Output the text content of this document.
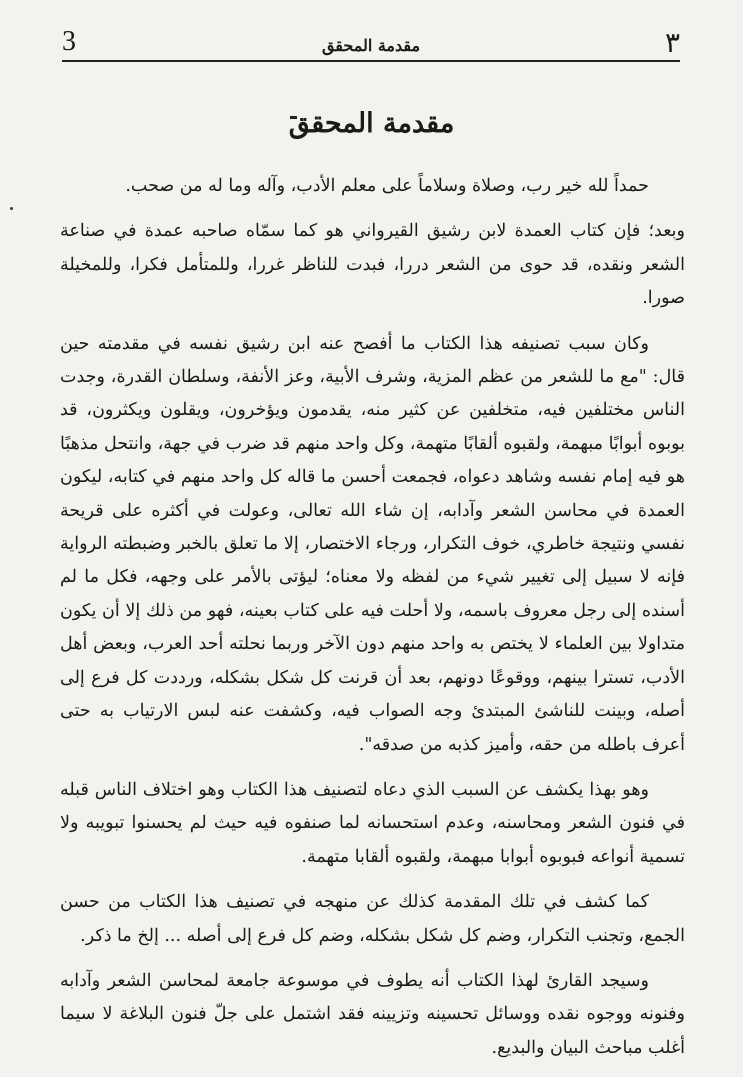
٣
مقدمة المحقق
3
مقدمة المحقق

حمداً لله خير رب، وصلاة وسلاماً على معلم الأدب، وآله وما له من صحب.

وبعد؛ فإن كتاب العمدة لابن رشيق القيرواني هو كما سمّاه صاحبه عمدة في صناعة الشعر ونقده، قد حوى من الشعر دررا، فبدت للناظر غررا، وللمتأمل فكرا، وللمخيلة صورا.

وكان سبب تصنيفه هذا الكتاب ما أفصح عنه ابن رشيق نفسه في مقدمته حين قال: "مع ما للشعر من عظم المزية، وشرف الأبية، وعز الأنفة، وسلطان القدرة، وجدت الناس مختلفين فيه، متخلفين عن كثير منه، يقدمون ويؤخرون، ويقلون ويكثرون، قد بوبوه أبوابًا مبهمة، ولقبوه ألقابًا متهمة، وكل واحد منهم قد ضرب في جهة، وانتحل مذهبًا هو فيه إمام نفسه وشاهد دعواه، فجمعت أحسن ما قاله كل واحد منهم في كتابه، ليكون العمدة في محاسن الشعر وآدابه، إن شاء الله تعالى، وعولت في أكثره على قريحة نفسي ونتيجة خاطري، خوف التكرار، ورجاء الاختصار، إلا ما تعلق بالخبر وضبطته الرواية فإنه لا سبيل إلى تغيير شيء من لفظه ولا معناه؛ ليؤتى بالأمر على وجهه، فكل ما لم أسنده إلى رجل معروف باسمه، ولا أحلت فيه على كتاب بعينه، فهو من ذلك إلا أن يكون متداولا بين العلماء لا يختص به واحد منهم دون الآخر وربما نحلته أحد العرب، وبعض أهل الأدب، تسترا بينهم، ووقوعًا دونهم، بعد أن قرنت كل شكل بشكله، ورددت كل فرع إلى أصله، وبينت للناشئ المبتدئ وجه الصواب فيه، وكشفت عنه لبس الارتياب به حتى أعرف باطله من حقه، وأميز كذبه من صدقه".

وهو بهذا يكشف عن السبب الذي دعاه لتصنيف هذا الكتاب وهو اختلاف الناس قبله في فنون الشعر ومحاسنه، وعدم استحسانه لما صنفوه فيه حيث لم يحسنوا تبويبه ولا تسمية أنواعه فبوبوه أبوابا مبهمة، ولقبوه ألقابا متهمة.

كما كشف في تلك المقدمة كذلك عن منهجه في تصنيف هذا الكتاب من حسن الجمع، وتجنب التكرار، وضم كل شكل بشكله، وضم كل فرع إلى أصله ... إلخ ما ذكر.

وسيجد القارئ لهذا الكتاب أنه يطوف في موسوعة جامعة لمحاسن الشعر وآدابه وفنونه ووجوه نقده ووسائل تحسينه وتزيينه فقد اشتمل على جلّ فنون البلاغة لا سيما أغلب مباحث البيان والبديع.
